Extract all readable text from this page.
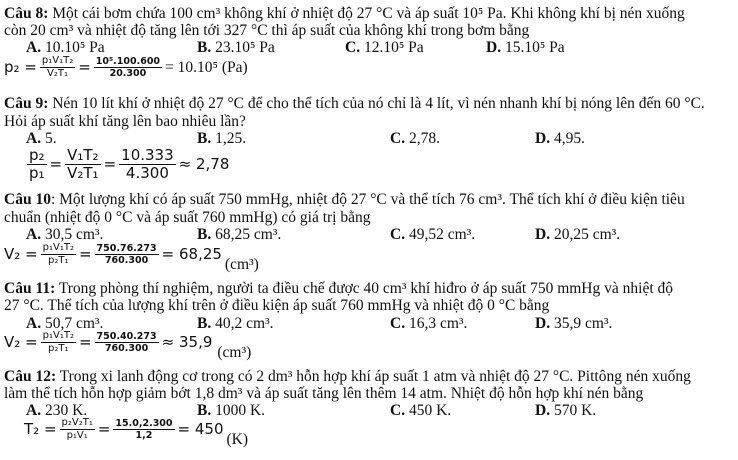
Câu 8: Một cái bơm chứa 100 cm³ không khí ở nhiệt độ 27 °C và áp suất 10⁵ Pa. Khi không khí bị nén xuống
còn 20 cm³ và nhiệt độ tăng lên tới 327 °C thì áp suất của không khí trong bơm bằng
A. 10.10⁵ Pa	B. 23.10⁵ Pa	C. 12.10⁵ Pa	D. 15.10⁵ Pa
$p_2 = \frac{\text{p₁V₁T₂}}{\text{V₂T₁}} = \frac{\text{10⁵.100.600}}{20.300} = 10.10^5$ (Pa)
Câu 9: Nén 10 lít khí ở nhiệt độ 27 °C để cho thể tích của nó chỉ là 4 lít, vì nén nhanh khí bị nóng lên đến 60 °C.
Hỏi áp suất khí tăng lên bao nhiêu lần?
A. 5.	B. 1,25.	C. 2,78.	D. 4,95.
$\frac{\text{p₂}}{\text{p₁}} = \frac{\text{V₁T₂}}{\text{V₂T₁}} = \frac{10.333}{4.300} \approx 2,78$
Câu 10: Một lượng khí có áp suất 750 mmHg, nhiệt độ 27 °C và thể tích 76 cm³. Thể tích khí ở điều kiện tiêu
chuẩn (nhiệt độ 0 °C và áp suất 760 mmHg) có giá trị bằng
A. 30,5 cm³.	B. 68,25 cm³.	C. 49,52 cm³.	D. 20,25 cm³.
$V_2 = \frac{\text{p₁V₁T₂}}{\text{p₂T₁}} = \frac{750.76.273}{760.300} = 68,25$
(cm³)
Câu 11: Trong phòng thí nghiệm, người ta điều chế được 40 cm³ khí hiđro ở áp suất 750 mmHg và nhiệt độ
27 °C. Thể tích của lượng khí trên ở điều kiện áp suất 760 mmHg và nhiệt độ 0 °C bằng
A. 50,7 cm³.	B. 40,2 cm³.	C. 16,3 cm³.	D. 35,9 cm³.
$V_2 = \frac{\text{p₁V₁T₂}}{\text{p₂T₁}} = \frac{750.40.273}{760.300} \approx 35,9$
(cm³)
Câu 12: Trong xi lanh động cơ trong có 2 dm³ hỗn hợp khí áp suất 1 atm và nhiệt độ 27 °C. Pittông nén xuống
làm thể tích hỗn hợp giảm bớt 1,8 dm³ và áp suất tăng lên thêm 14 atm. Nhiệt độ hỗn hợp khí nén bằng
A. 230 K.	B. 1000 K.	C. 450 K.	D. 570 K.
$T_2 = \frac{\text{p₂V₂T₁}}{\text{p₁V₁}} = \frac{15.0,2.300}{1,2} = 450$
(K)
